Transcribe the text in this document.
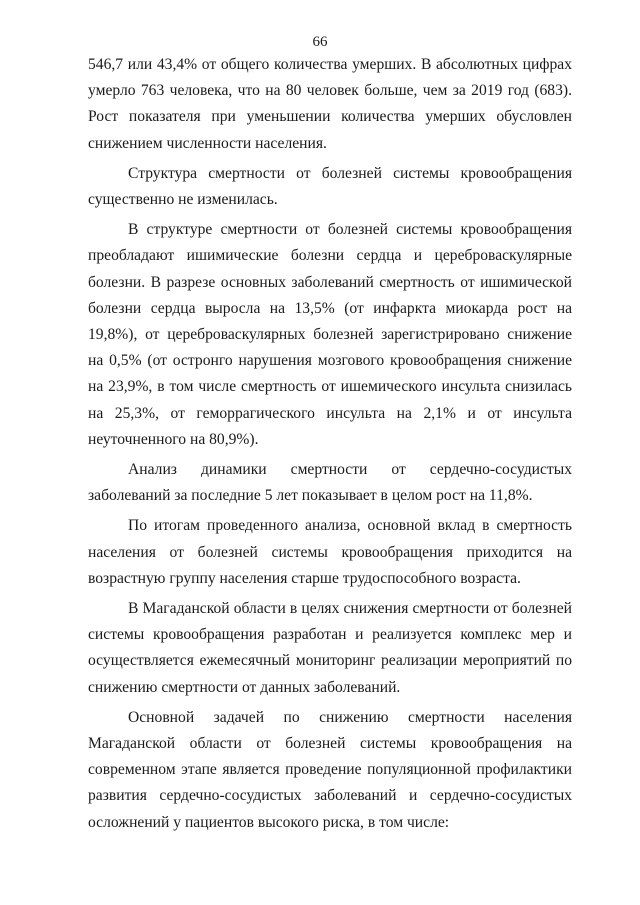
66

546,7 или 43,4% от общего количества умерших. В абсолютных цифрах умерло 763 человека, что на 80 человек больше, чем за 2019 год (683). Рост показателя при уменьшении количества умерших обусловлен снижением численности населения.

Структура смертности от болезней системы кровообращения существенно не изменилась.

В структуре смертности от болезней системы кровообращения преобладают ишимические болезни сердца и цереброваскулярные болезни. В разрезе основных заболеваний смертность от ишимической болезни сердца выросла на 13,5% (от инфаркта миокарда рост на 19,8%), от цереброваскулярных болезней зарегистрировано снижение на 0,5% (от остронго нарушения мозгового кровообращения снижение на 23,9%, в том числе смертность от ишемического инсульта снизилась на 25,3%, от геморрагического инсульта на 2,1% и от инсульта неуточненного на 80,9%).

Анализ динамики смертности от сердечно-сосудистых заболеваний за последние 5 лет показывает в целом рост на 11,8%.

По итогам проведенного анализа, основной вклад в смертность населения от болезней системы кровообращения приходится на возрастную группу населения старше трудоспособного возраста.

В Магаданской области в целях снижения смертности от болезней системы кровообращения разработан и реализуется комплекс мер и осуществляется ежемесячный мониторинг реализации мероприятий по снижению смертности от данных заболеваний.

Основной задачей по снижению смертности населения Магаданской области от болезней системы кровообращения на современном этапе является проведение популяционной профилактики развития сердечно-сосудистых заболеваний и сердечно-сосудистых осложнений у пациентов высокого риска, в том числе:
